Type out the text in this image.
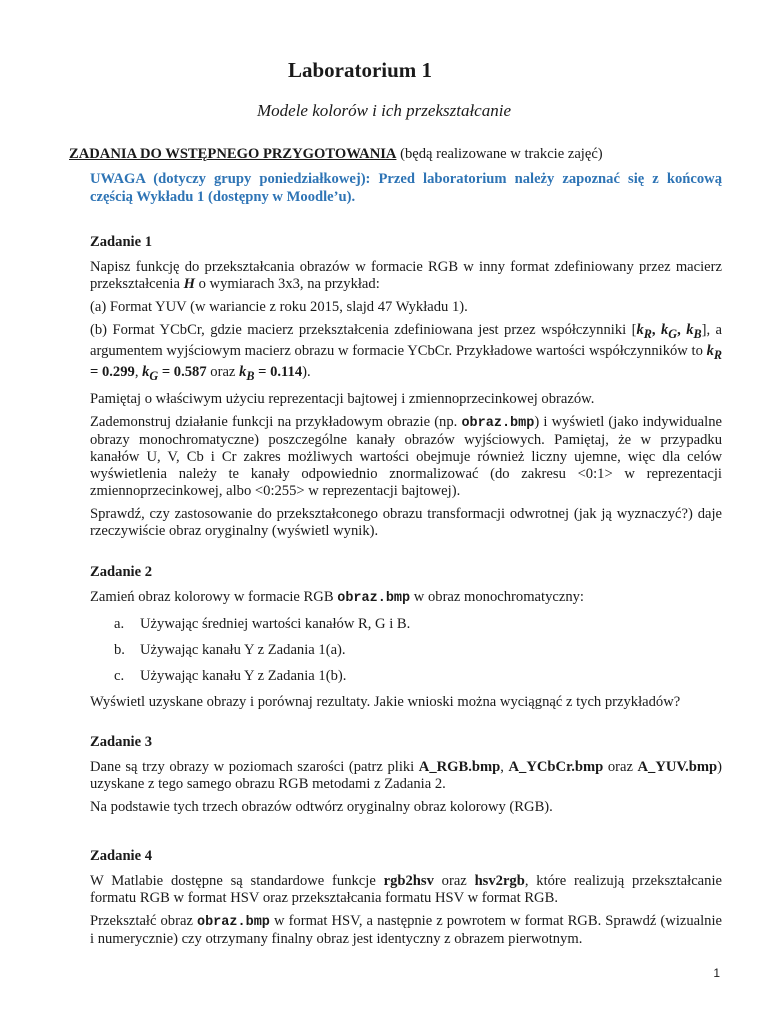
Laboratorium 1
Modele kolorów i ich przekształcanie
ZADANIA DO WSTĘPNEGO PRZYGOTOWANIA (będą realizowane w trakcie zajęć)
UWAGA (dotyczy grupy poniedziałkowej): Przed laboratorium należy zapoznać się z końcową częścią Wykładu 1 (dostępny w Moodle’u).

Zadanie 1

Napisz funkcję do przekształcania obrazów w formacie RGB w inny format zdefiniowany przez macierz przekształcenia H o wymiarach 3x3, na przykład:

(a) Format YUV (w wariancie z roku 2015, slajd 47 Wykładu 1).

(b) Format YCbCr, gdzie macierz przekształcenia zdefiniowana jest przez współczynniki [$k_R$, $k_G$, $k_B$], a argumentem wyjściowym macierz obrazu w formacie YCbCr. Przykładowe wartości współczynników to $k_R = 0.299$, $k_G = 0.587$ oraz $k_B = 0.114$).

Pamiętaj o właściwym użyciu reprezentacji bajtowej i zmiennoprzecinkowej obrazów.

Zademonstruj działanie funkcji na przykładowym obrazie (np. obraz.bmp) i wyświetl (jako indywidualne obrazy monochromatyczne) poszczególne kanały obrazów wyjściowych. Pamiętaj, że w przypadku kanałów U, V, Cb i Cr zakres możliwych wartości obejmuje również liczny ujemne, więc dla celów wyświetlenia należy te kanały odpowiednio znormalizować (do zakresu <0:1> w reprezentacji zmiennoprzecinkowej, albo <0:255> w reprezentacji bajtowej).

Sprawdź, czy zastosowanie do przekształconego obrazu transformacji odwrotnej (jak ją wyznaczyć?) daje rzeczywiście obraz oryginalny (wyświetl wynik).

Zadanie 2

Zamień obraz kolorowy w formacie RGB obraz.bmp w obraz monochromatyczny:

a.	Używając średniej wartości kanałów R, G i B.
b.	Używając kanału Y z Zadania 1(a).
c.	Używając kanału Y z Zadania 1(b).

Wyświetl uzyskane obrazy i porównaj rezultaty. Jakie wnioski można wyciągnąć z tych przykładów?

Zadanie 3

Dane są trzy obrazy w poziomach szarości (patrz pliki A_RGB.bmp, A_YCbCr.bmp oraz A_YUV.bmp) uzyskane z tego samego obrazu RGB metodami z Zadania 2.

Na podstawie tych trzech obrazów odtwórz oryginalny obraz kolorowy (RGB).

Zadanie 4

W Matlabie dostępne są standardowe funkcje rgb2hsv oraz hsv2rgb, które realizują przekształcanie formatu RGB w format HSV oraz przekształcania formatu HSV w format RGB.

Przekształć obraz obraz.bmp w format HSV, a następnie z powrotem w format RGB. Sprawdź (wizualnie i numerycznie) czy otrzymany finalny obraz jest identyczny z obrazem pierwotnym.

1
